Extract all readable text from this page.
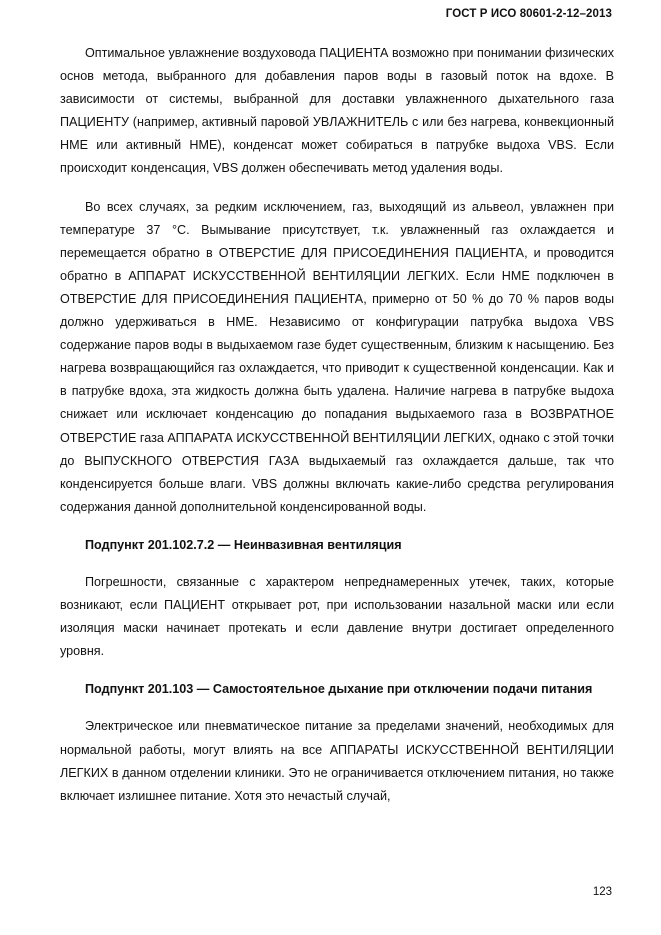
ГОСТ Р ИСО 80601-2-12–2013

Оптимальное увлажнение воздуховода ПАЦИЕНТА возможно при понимании физических основ метода, выбранного для добавления паров воды в газовый поток на вдохе. В зависимости от системы, выбранной для доставки увлажненного дыхательного газа ПАЦИЕНТУ (например, активный паровой УВЛАЖНИТЕЛЬ с или без нагрева, конвекционный НМЕ или активный НМЕ), конденсат может собираться в патрубке выдоха VBS. Если происходит конденсация, VBS должен обеспечивать метод удаления воды.

Во всех случаях, за редким исключением, газ, выходящий из альвеол, увлажнен при температуре 37 °С. Вымывание присутствует, т.к. увлажненный газ охлаждается и перемещается обратно в ОТВЕРСТИЕ ДЛЯ ПРИСОЕДИНЕНИЯ ПАЦИЕНТА, и проводится обратно в АППАРАТ ИСКУССТВЕННОЙ ВЕНТИЛЯЦИИ ЛЕГКИХ. Если НМЕ подключен в ОТВЕРСТИЕ ДЛЯ ПРИСОЕДИНЕНИЯ ПАЦИЕНТА, примерно от 50 % до 70 % паров воды должно удерживаться в НМЕ. Независимо от конфигурации патрубка выдоха VBS содержание паров воды в выдыхаемом газе будет существенным, близким к насыщению. Без нагрева возвращающийся газ охлаждается, что приводит к существенной конденсации. Как и в патрубке вдоха, эта жидкость должна быть удалена. Наличие нагрева в патрубке выдоха снижает или исключает конденсацию до попадания выдыхаемого газа в ВОЗВРАТНОЕ ОТВЕРСТИЕ газа АППАРАТА ИСКУССТВЕННОЙ ВЕНТИЛЯЦИИ ЛЕГКИХ, однако с этой точки до ВЫПУСКНОГО ОТВЕРСТИЯ ГАЗА выдыхаемый газ охлаждается дальше, так что конденсируется больше влаги. VBS должны включать какие-либо средства регулирования содержания данной дополнительной конденсированной воды.

Подпункт 201.102.7.2 — Неинвазивная вентиляция

Погрешности, связанные с характером непреднамеренных утечек, таких, которые возникают, если ПАЦИЕНТ открывает рот, при использовании назальной маски или если изоляция маски начинает протекать и если давление внутри достигает определенного уровня.

Подпункт 201.103 — Самостоятельное дыхание при отключении подачи питания

Электрическое или пневматическое питание за пределами значений, необходимых для нормальной работы, могут влиять на все АППАРАТЫ ИСКУССТВЕННОЙ ВЕНТИЛЯЦИИ ЛЕГКИХ в данном отделении клиники. Это не ограничивается отключением питания, но также включает излишнее питание. Хотя это нечастый случай,

123
